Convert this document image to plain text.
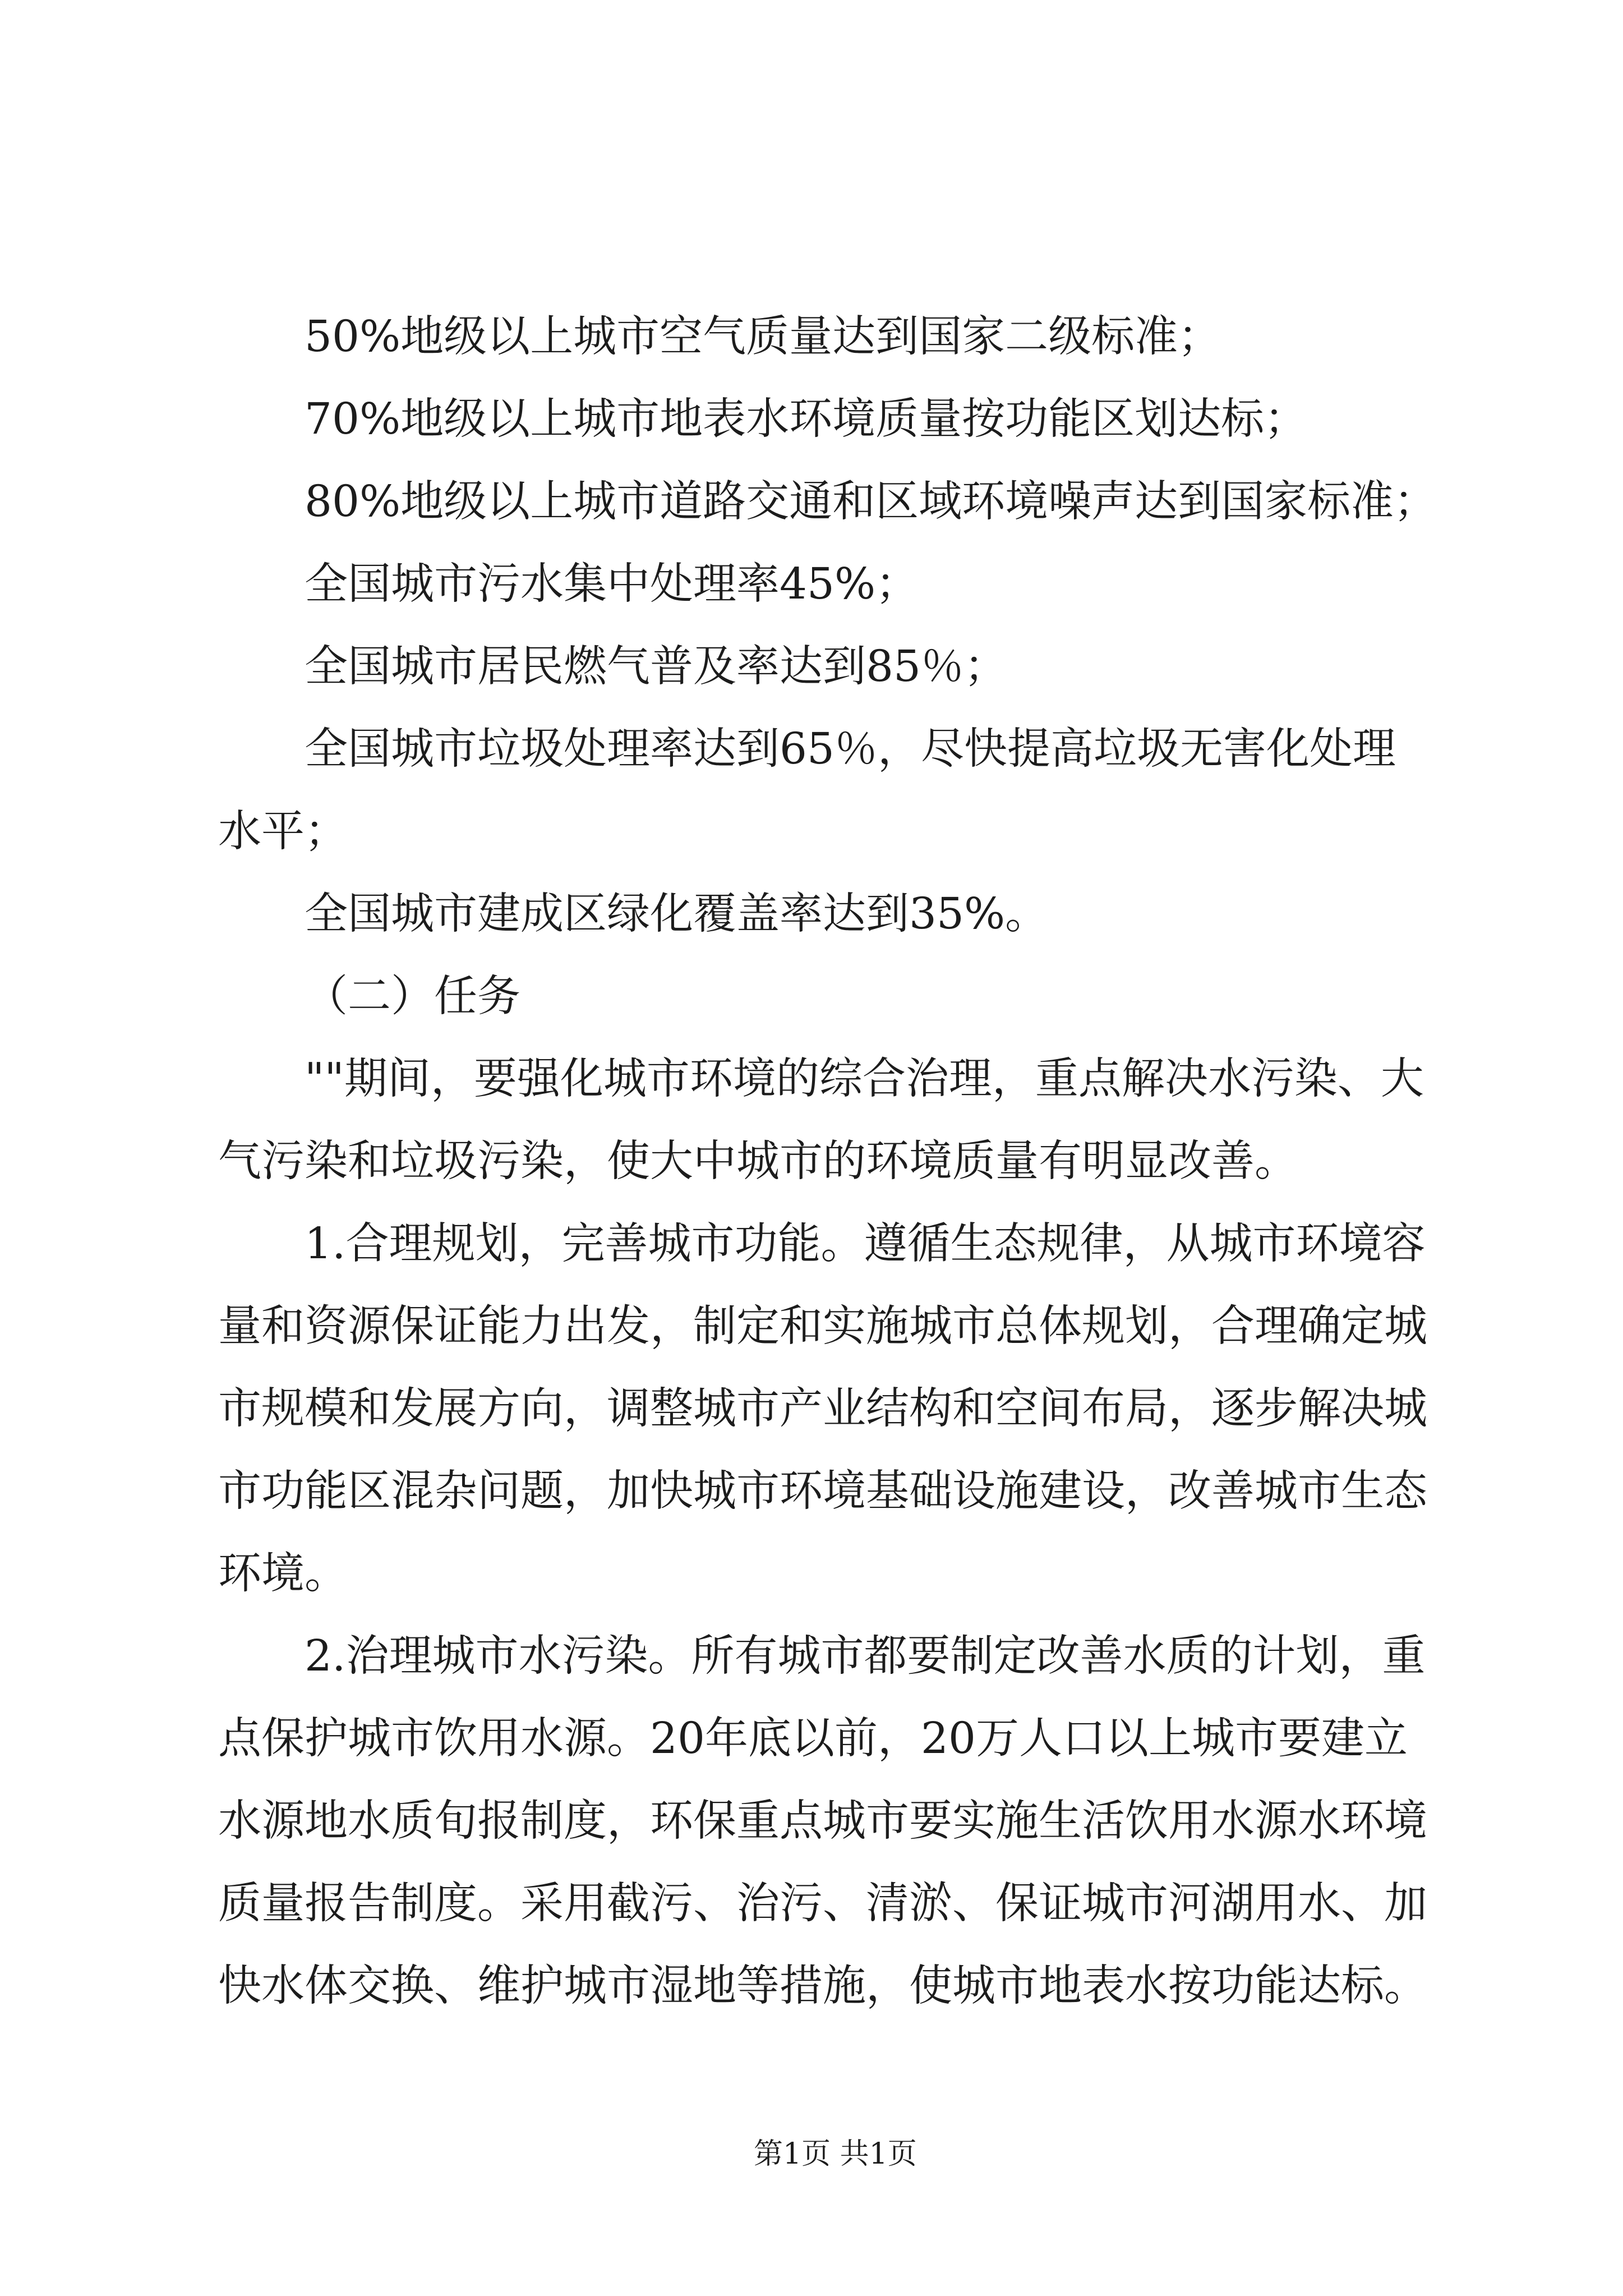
50%地级以上城市空气质量达到国家二级标准；
70%地级以上城市地表水环境质量按功能区划达标；
80%地级以上城市道路交通和区域环境噪声达到国家标准；
全国城市污水集中处理率45%；
全国城市居民燃气普及率达到85％；
全国城市垃圾处理率达到65％，尽快提高垃圾无害化处理
水平；
全国城市建成区绿化覆盖率达到35%。
（二）任务
""期间，要强化城市环境的综合治理，重点解决水污染、大
气污染和垃圾污染，使大中城市的环境质量有明显改善。
1.合理规划，完善城市功能。遵循生态规律，从城市环境容
量和资源保证能力出发，制定和实施城市总体规划，合理确定城
市规模和发展方向，调整城市产业结构和空间布局，逐步解决城
市功能区混杂问题，加快城市环境基础设施建设，改善城市生态
环境。
2.治理城市水污染。所有城市都要制定改善水质的计划，重
点保护城市饮用水源。20年底以前，20万人口以上城市要建立
水源地水质旬报制度，环保重点城市要实施生活饮用水源水环境
质量报告制度。采用截污、治污、清淤、保证城市河湖用水、加
快水体交换、维护城市湿地等措施，使城市地表水按功能达标。
第1页 共1页
